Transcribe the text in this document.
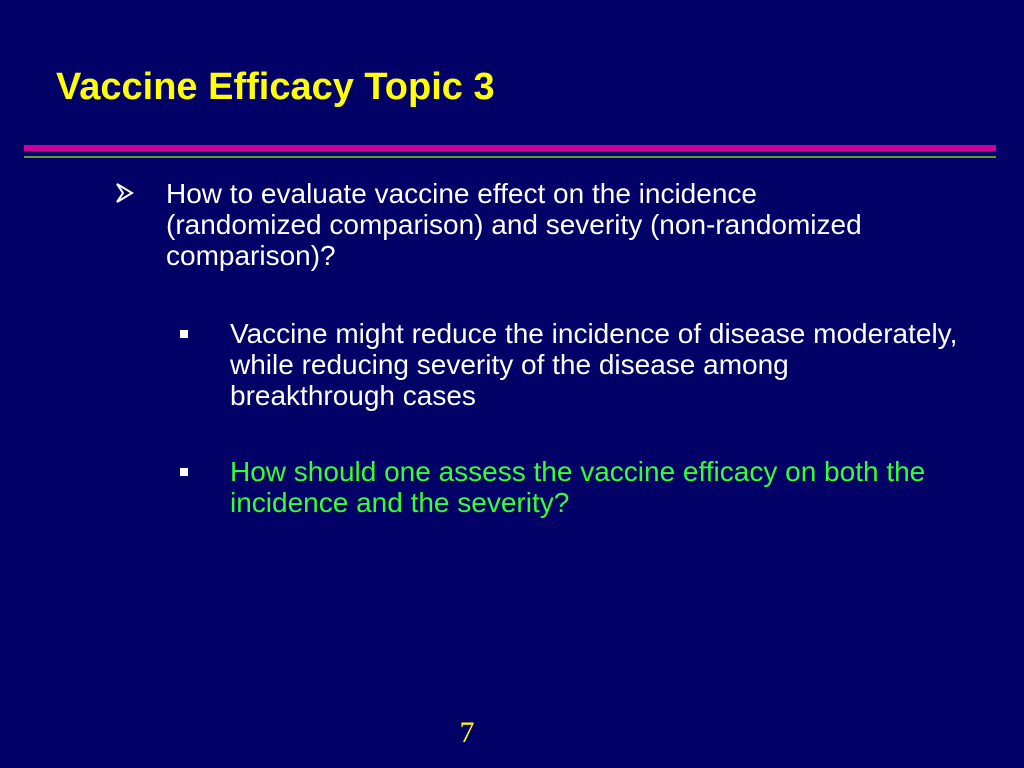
Vaccine Efficacy Topic 3
How to evaluate vaccine effect on the incidence (randomized comparison) and severity (non-randomized comparison)?
Vaccine might reduce the incidence of disease moderately, while reducing severity of the disease among breakthrough cases
How should one assess the vaccine efficacy on both the incidence and the severity?
7
